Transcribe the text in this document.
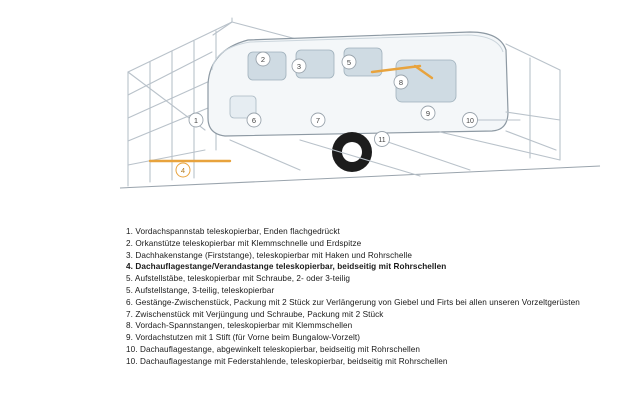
1
2
3
4
5
6	7
8
9
10
11
1. Vordachspannstab teleskopierbar, Enden flachgedrückt
2. Orkanstütze teleskopierbar mit Klemmschnelle und Erdspitze
3. Dachhakenstange (Firststange), teleskopierbar mit Haken und Rohrschelle
4. Dachauflagestange/Verandastange teleskopierbar, beidseitig mit Rohrschellen
5. Aufstellstäbe, teleskopierbar mit Schraube, 2- oder 3-teilig
5. Aufstellstange, 3-teilig, teleskopierbar
6. Gestänge-Zwischenstück, Packung mit 2 Stück zur Verlängerung von Giebel und Firts bei allen unseren Vorzeltgerüsten
7. Zwischenstück mit Verjüngung und Schraube, Packung mit 2 Stück
8. Vordach-Spannstangen, teleskopierbar mit Klemmschellen
9. Vordachstutzen mit 1 Stift (für Vorne beim Bungalow-Vorzelt)
10. Dachauflagestange, abgewinkelt teleskopierbar, beidseitig mit Rohrschellen
10. Dachauflagestange mit Federstahlende, teleskopierbar, beidseitig mit Rohrschellen
